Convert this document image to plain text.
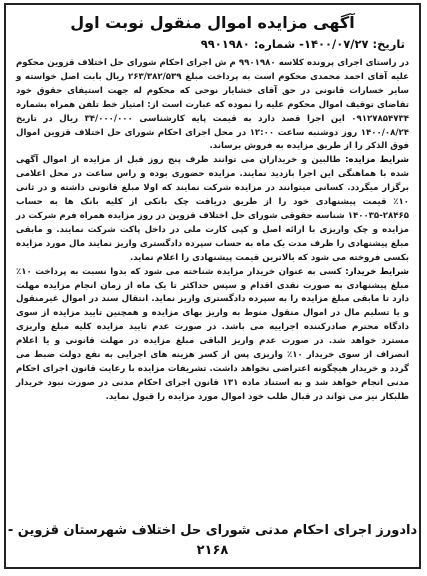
آگهی مزایده اموال منقول نوبت اول
تاریخ: ۱۴۰۰/۰۷/۲۷- شماره: ۹۹۰۱۹۸۰

در راستای اجرای پرونده کلاسه ۹۹۰۱۹۸۰ م ش اجرای احکام شورای حل اختلاف قزوین محکوم علیه آقای احمد محمدی محکوم است به پرداخت مبلغ ۲۶۳/۳۸۲/۵۳۹ ریال بابت اصل خواسته و سایر خسارات قانونی در حق آقای خشایار نوحی که محکوم له جهت استیفای حقوق خود تقاضای توقیف اموال محکوم علیه را نموده که عبارت است از: امتیاز خط تلفن همراه بشماره ۰۹۱۲۷۸۵۴۷۳۴ این اجرا قصد دارد به قیمت پایه کارشناسی ۳۴/۰۰۰/۰۰۰ ریال در تاریخ ۱۴۰۰/۰۸/۲۴ روز دوشنبه ساعت ۱۲:۰۰ در محل اجرای احکام شورای حل اختلاف قزوین اموال فوق الذکر را از طریق مزایده به فروش برساند.

شرایط مزایده: طالبین و خریداران می توانند ظرف پنج روز قبل از مزایده از اموال آگهی شده با هماهنگی این اجرا بازدید نمایند. مزایده حضوری بوده و راس ساعت در محل اعلامی برگزار میگردد. کسانی میتوانند در مزایده شرکت نمایند که اولا مبلغ قانونی داشته و در ثانی ۱۰٪ قیمت پیشنهادی خود را از طریق دریافت چک بانکی از کلیه بانک ها به حساب ۲۸۴۶۵-۱۴۰۰۳۵ شناسه حقوقی شورای حل اختلاف قزوین در روز مزایده همراه فرم شرکت در مزایده و چک واریزی با ارائه اصل و کپی کارت ملی در داخل پاکت شرکت نمایند. و مابقی مبلغ پیشنهادی را ظرف مدت یک ماه به حساب سپرده دادگستری واریز نمایند مال مورد مزایده بکسی فروخته می شود که بالاترین قیمت پیشنهادی را اعلام نماید.

شرایط خریدار: کسی به عنوان خریدار مزایده شناخته می شود که بدوا نسبت به پرداخت ۱۰٪ مبلغ پیشنهادی به صورت نقدی اقدام و سپس حداکثر تا یک ماه از زمان انجام مزایده مهلت دارد تا مابقی مبلغ مزایده را به سپرده دادگستری واریز نماید. انتقال سند در اموال غیرمنقول و یا تسلیم مال در اموال منقول منوط به واریز بهای مزایده و همچنین تایید مزایده از سوی دادگاه محترم صادرکننده اجراییه می باشد. در صورت عدم تایید مزایده کلیه مبلغ واریزی مسترد خواهد شد. در صورت عدم واریز الباقی مبلغ مزایده در مهلت قانونی و یا اعلام انصراف از سوی خریدار ۱۰٪ واریزی پس از کسر هزینه های اجرایی به نفع دولت ضبط می گردد و خریدار هیچگونه اعتراضی نخواهد داشت. تشریفات مزایده با رعایت قانون اجرای احکام مدنی انجام خواهد شد و به استناد ماده ۱۳۱ قانون اجرای احکام مدنی در صورت نبود خریدار طلبکار نیز می تواند در قبال طلب خود اموال مورد مزایده را قبول نماید.

دادورز اجرای احکام مدنی شورای حل اختلاف شهرستان قزوین - ۲۱۶۸
